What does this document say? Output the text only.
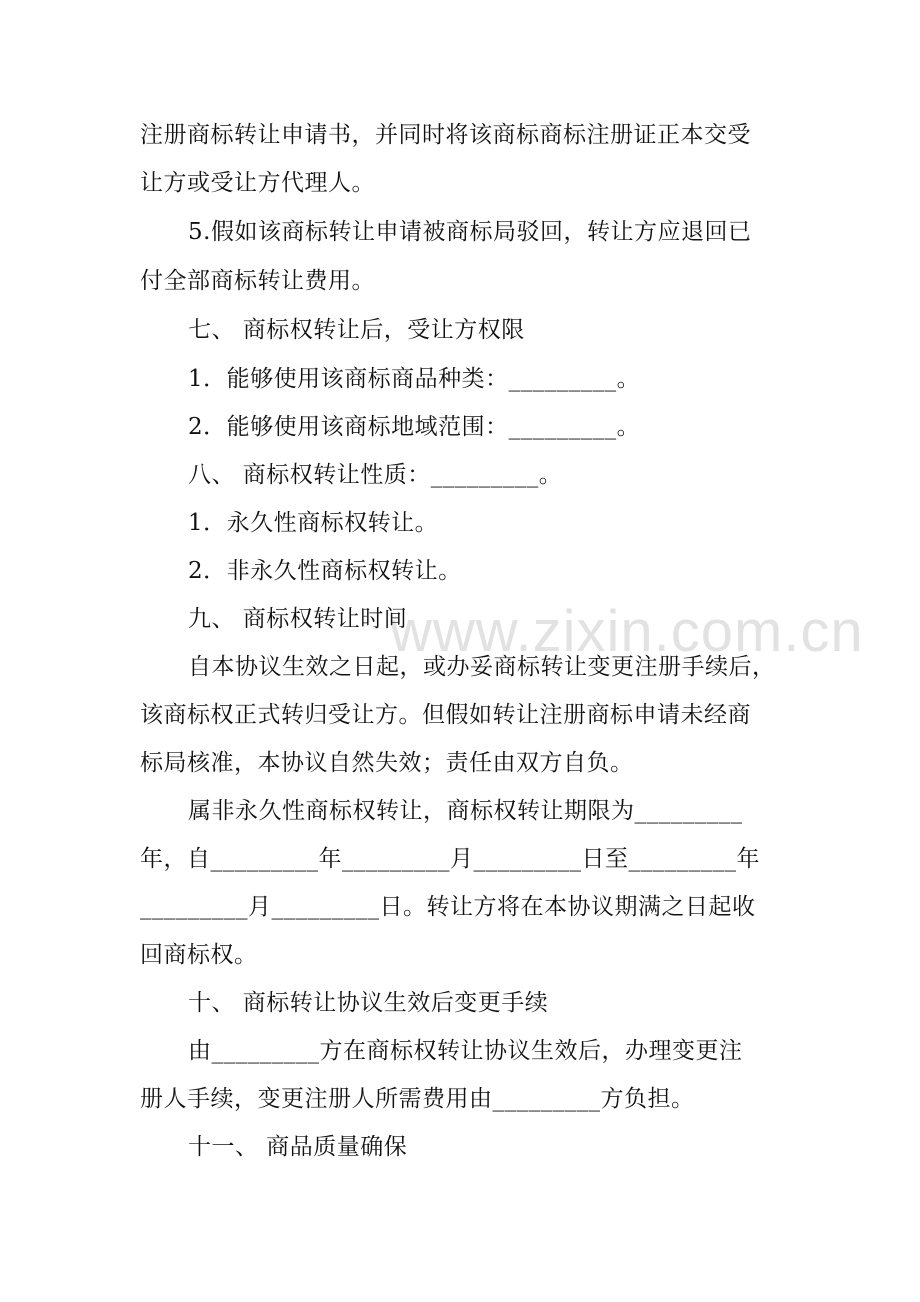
www.zixin.com.cn
注册商标转让申请书，并同时将该商标商标注册证正本交受
让方或受让方代理人。
5.假如该商标转让申请被商标局驳回，转让方应退回已
付全部商标转让费用。
七、 商标权转让后，受让方权限
1．能够使用该商标商品种类：_________。
2．能够使用该商标地域范围：_________。
八、 商标权转让性质：_________。
1．永久性商标权转让。
2．非永久性商标权转让。
九、 商标权转让时间
自本协议生效之日起，或办妥商标转让变更注册手续后，
该商标权正式转归受让方。但假如转让注册商标申请未经商
标局核准，本协议自然失效；责任由双方自负。
属非永久性商标权转让，商标权转让期限为_________
年，自_________年_________月_________日至_________年
_________月_________日。转让方将在本协议期满之日起收
回商标权。
十、 商标转让协议生效后变更手续
由_________方在商标权转让协议生效后，办理变更注
册人手续，变更注册人所需费用由_________方负担。
十一、 商品质量确保
